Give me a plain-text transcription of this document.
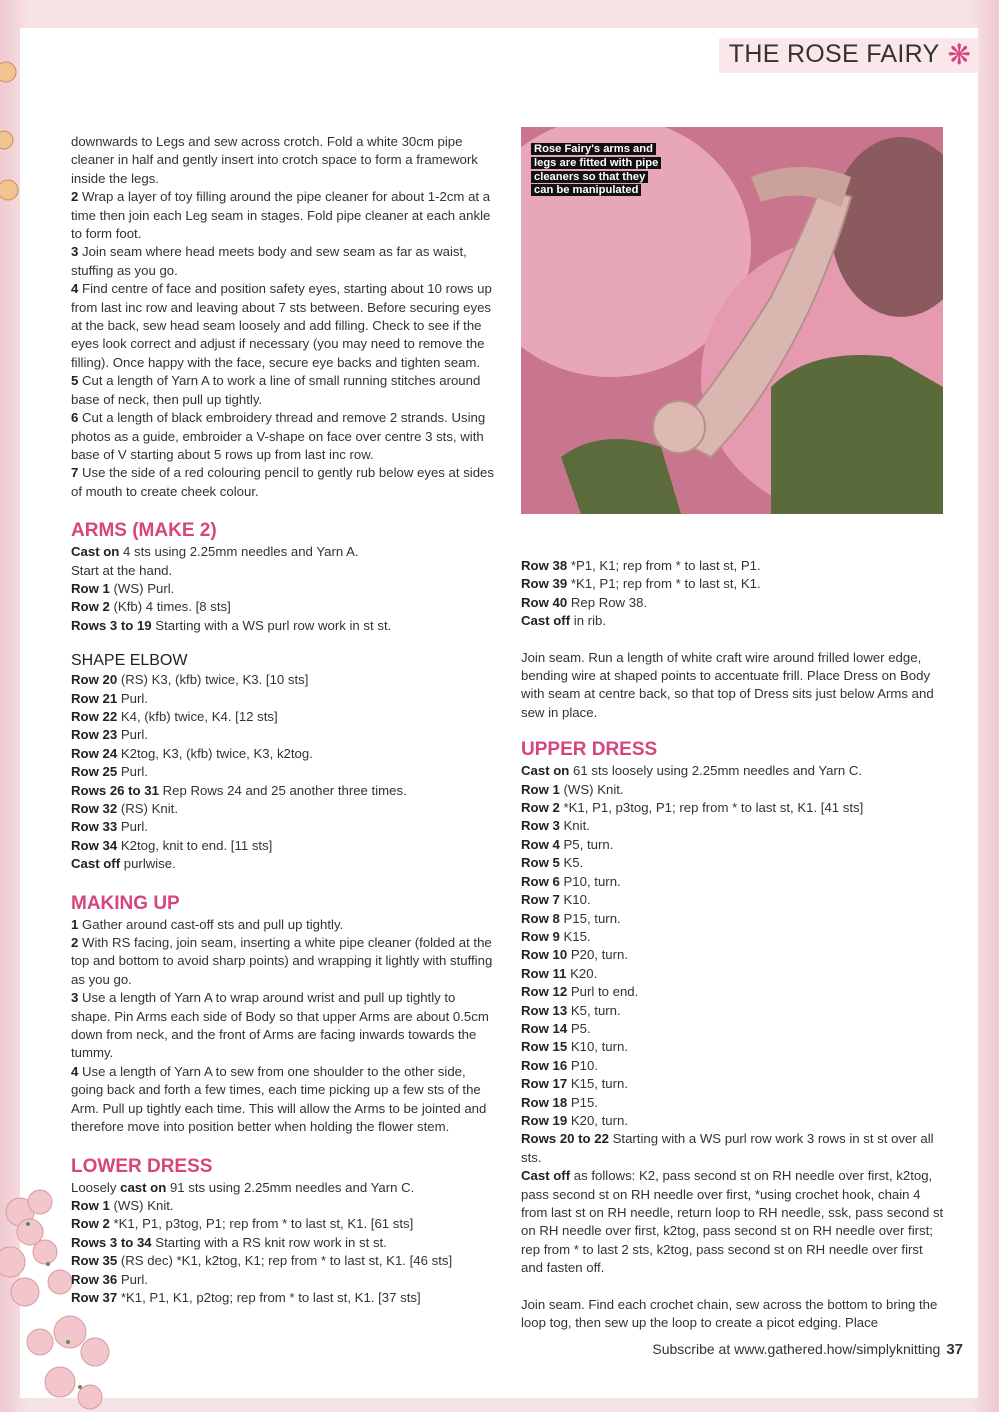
THE ROSE FAIRY ❋

downwards to Legs and sew across crotch. Fold a white 30cm pipe cleaner in half and gently insert into crotch space to form a framework inside the legs.

2 Wrap a layer of toy filling around the pipe cleaner for about 1-2cm at a time then join each Leg seam in stages. Fold pipe cleaner at each ankle to form foot.

3 Join seam where head meets body and sew seam as far as waist, stuffing as you go.

4 Find centre of face and position safety eyes, starting about 10 rows up from last inc row and leaving about 7 sts between. Before securing eyes at the back, sew head seam loosely and add filling. Check to see if the eyes look correct and adjust if necessary (you may need to remove the filling). Once happy with the face, secure eye backs and tighten seam.

5 Cut a length of Yarn A to work a line of small running stitches around base of neck, then pull up tightly.

6 Cut a length of black embroidery thread and remove 2 strands. Using photos as a guide, embroider a V-shape on face over centre 3 sts, with base of V starting about 5 rows up from last inc row.

7 Use the side of a red colouring pencil to gently rub below eyes at sides of mouth to create cheek colour.

ARMS (MAKE 2)

Cast on 4 sts using 2.25mm needles and Yarn A.

Start at the hand.

Row 1 (WS) Purl.

Row 2 (Kfb) 4 times. [8 sts]

Rows 3 to 19 Starting with a WS purl row work in st st.

SHAPE ELBOW

Row 20 (RS) K3, (kfb) twice, K3. [10 sts]

Row 21 Purl.

Row 22 K4, (kfb) twice, K4. [12 sts]

Row 23 Purl.

Row 24 K2tog, K3, (kfb) twice, K3, k2tog.

Row 25 Purl.

Rows 26 to 31 Rep Rows 24 and 25 another three times.

Row 32 (RS) Knit.

Row 33 Purl.

Row 34 K2tog, knit to end. [11 sts]

Cast off purlwise.

MAKING UP

1 Gather around cast-off sts and pull up tightly.

2 With RS facing, join seam, inserting a white pipe cleaner (folded at the top and bottom to avoid sharp points) and wrapping it lightly with stuffing as you go.

3 Use a length of Yarn A to wrap around wrist and pull up tightly to shape. Pin Arms each side of Body so that upper Arms are about 0.5cm down from neck, and the front of Arms are facing inwards towards the tummy.

4 Use a length of Yarn A to sew from one shoulder to the other side, going back and forth a few times, each time picking up a few sts of the Arm. Pull up tightly each time. This will allow the Arms to be jointed and therefore move into position better when holding the flower stem.

LOWER DRESS

Loosely cast on 91 sts using 2.25mm needles and Yarn C.

Row 1 (WS) Knit.

Row 2 *K1, P1, p3tog, P1; rep from * to last st, K1. [61 sts]

Rows 3 to 34 Starting with a RS knit row work in st st.

Row 35 (RS dec) *K1, k2tog, K1; rep from * to last st, K1. [46 sts]

Row 36 Purl.

Row 37 *K1, P1, K1, p2tog; rep from * to last st, K1. [37 sts]

Rose Fairy's arms and legs are fitted with pipe cleaners so that they can be manipulated

Row 38 *P1, K1; rep from * to last st, P1.

Row 39 *K1, P1; rep from * to last st, K1.

Row 40 Rep Row 38.

Cast off in rib.

Join seam. Run a length of white craft wire around frilled lower edge, bending wire at shaped points to accentuate frill. Place Dress on Body with seam at centre back, so that top of Dress sits just below Arms and sew in place.

UPPER DRESS

Cast on 61 sts loosely using 2.25mm needles and Yarn C.

Row 1 (WS) Knit.

Row 2 *K1, P1, p3tog, P1; rep from * to last st, K1. [41 sts]

Row 3 Knit.

Row 4 P5, turn.

Row 5 K5.

Row 6 P10, turn.

Row 7 K10.

Row 8 P15, turn.

Row 9 K15.

Row 10 P20, turn.

Row 11 K20.

Row 12 Purl to end.

Row 13 K5, turn.

Row 14 P5.

Row 15 K10, turn.

Row 16 P10.

Row 17 K15, turn.

Row 18 P15.

Row 19 K20, turn.

Rows 20 to 22 Starting with a WS purl row work 3 rows in st st over all sts.

Cast off as follows: K2, pass second st on RH needle over first, k2tog, pass second st on RH needle over first, *using crochet hook, chain 4 from last st on RH needle, return loop to RH needle, ssk, pass second st on RH needle over first, k2tog, pass second st on RH needle over first; rep from * to last 2 sts, k2tog, pass second st on RH needle over first and fasten off.

Join seam. Find each crochet chain, sew across the bottom to bring the loop tog, then sew up the loop to create a picot edging. Place

Subscribe at www.gathered.how/simplyknitting 37
